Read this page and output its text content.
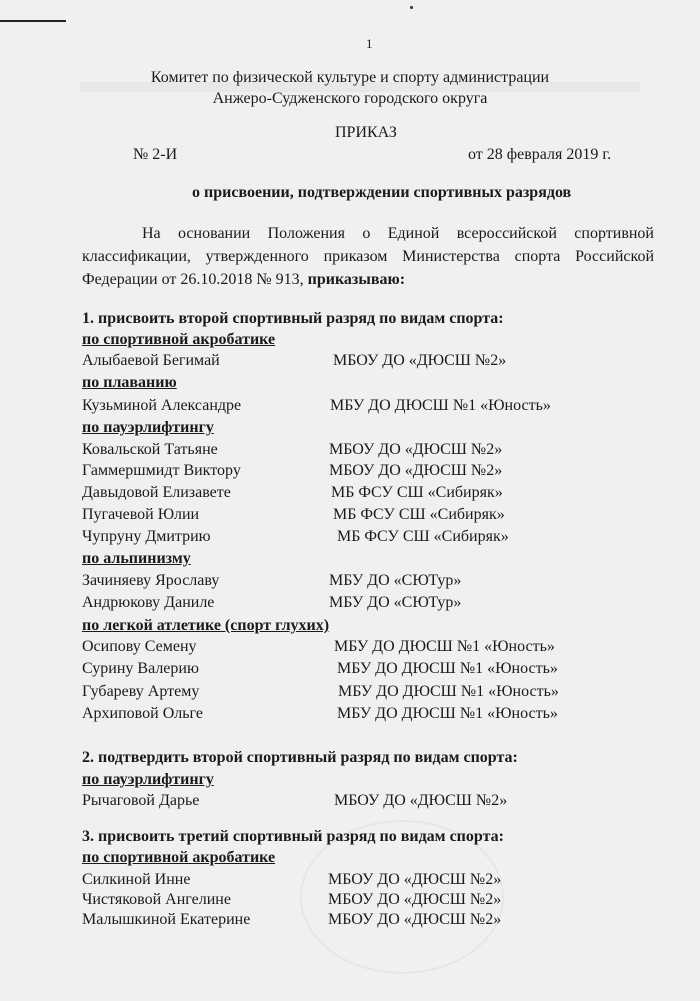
1
Комитет по физической культуре и спорту администрации
Анжеро-Судженского городского округа
ПРИКАЗ
№ 2-И	от 28 февраля 2019 г.
о присвоении, подтверждении спортивных разрядов
На основании Положения о Единой всероссийской спортивной
классификации, утвержденного приказом Министерства спорта Российской
Федерации от 26.10.2018 № 913, приказываю:
1. присвоить второй спортивный разряд по видам спорта:
по спортивной акробатике
Алыбаевой Бегимай	МБОУ ДО «ДЮСШ №2»
по плаванию
Кузьминой Александре	МБУ ДО ДЮСШ №1 «Юность»
по пауэрлифтингу
Ковальской Татьяне	МБОУ ДО «ДЮСШ №2»
Гаммершмидт Виктору	МБОУ ДО «ДЮСШ №2»
Давыдовой Елизавете	МБ ФСУ СШ «Сибиряк»
Пугачевой Юлии	МБ ФСУ СШ «Сибиряк»
Чупруну Дмитрию	МБ ФСУ СШ «Сибиряк»
по альпинизму
Зачиняеву Ярославу	МБУ ДО «СЮТур»
Андрюкову Даниле	МБУ ДО «СЮТур»
по легкой атлетике (спорт глухих)
Осипову Семену	МБУ ДО ДЮСШ №1 «Юность»
Сурину Валерию	МБУ ДО ДЮСШ №1 «Юность»
Губареву Артему	МБУ ДО ДЮСШ №1 «Юность»
Архиповой Ольге	МБУ ДО ДЮСШ №1 «Юность»
2. подтвердить второй спортивный разряд по видам спорта:
по пауэрлифтингу
Рычаговой Дарье	МБОУ ДО «ДЮСШ №2»
3. присвоить третий спортивный разряд по видам спорта:
по спортивной акробатике
Силкиной Инне	МБОУ ДО «ДЮСШ №2»
Чистяковой Ангелине	МБОУ ДО «ДЮСШ №2»
Малышкиной Екатерине	МБОУ ДО «ДЮСШ №2»
